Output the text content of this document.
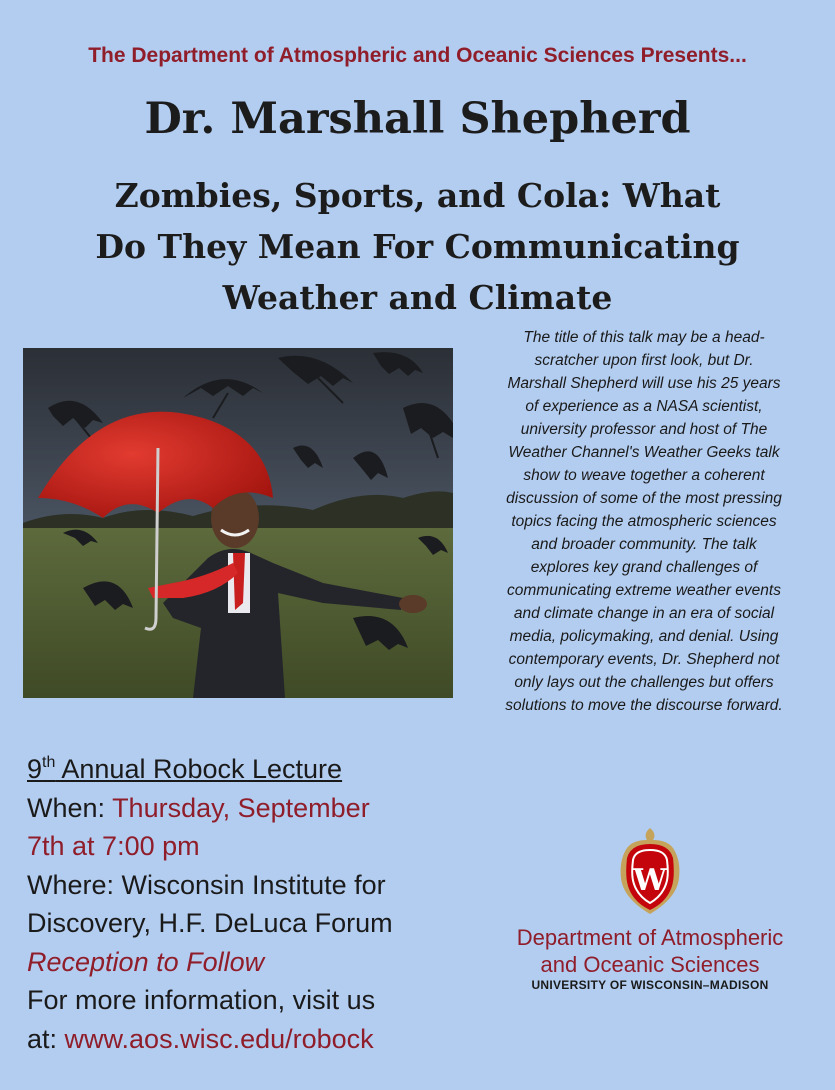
The Department of Atmospheric and Oceanic Sciences Presents...

Dr. Marshall Shepherd
Zombies, Sports, and Cola: What
Do They Mean For Communicating
Weather and Climate

The title of this talk may be a head-
scratcher upon first look, but Dr.
Marshall Shepherd will use his 25 years
of experience as a NASA scientist,
university professor and host of The
Weather Channel's Weather Geeks talk
show to weave together a coherent
discussion of some of the most pressing
topics facing the atmospheric sciences
and broader community. The talk
explores key grand challenges of
communicating extreme weather events
and climate change in an era of social
media, policymaking, and denial. Using
contemporary events, Dr. Shepherd not
only lays out the challenges but offers
solutions to move the discourse forward.

9th Annual Robock Lecture
When: Thursday, September
7th at 7:00 pm
Where: Wisconsin Institute for
Discovery, H.F. DeLuca Forum
Reception to Follow
For more information, visit us
at: www.aos.wisc.edu/robock
W

Department of Atmospheric
and Oceanic Sciences

UNIVERSITY OF WISCONSIN–MADISON
